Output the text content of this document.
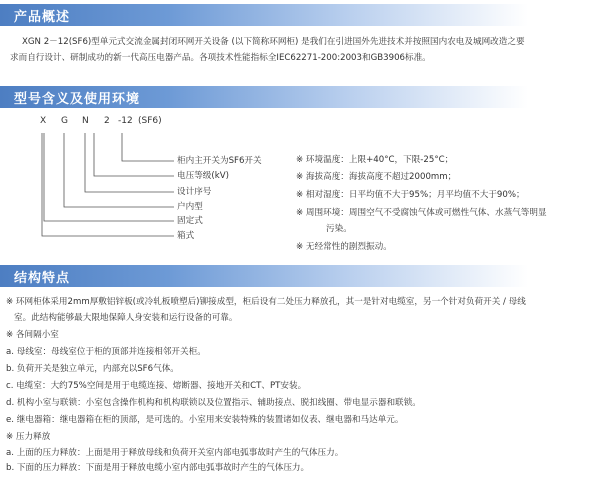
产品概述
XGN 2－12(SF6)型单元式交流金属封闭环网开关设备 (以下简称环网柜) 是我们在引进国外先进技术并按照国内农电及城网改造之要
求而自行设计、研制成功的新一代高压电器产品。各项技术性能指标全IEC62271-200:2003和GB3906标准。
型号含义及使用环境
X G N 2 -12 (SF6)
柜内主开关为SF6开关
电压等级(kV)
设计序号
户内型
固定式
箱式
※ 环境温度：上限+40°C，下限-25°C；
※ 海拔高度：海拔高度不超过2000mm；
※ 相对湿度：日平均值不大于95%；月平均值不大于90%；
※ 周围环境：周围空气不受腐蚀气体或可燃性气体、水蒸气等明显
污染。
※ 无经常性的剧烈振动。
结构特点
※ 环网柜体采用2mm厚敷铝锌板(或冷轧板喷塑后)铆接成型，柜后设有二处压力释放孔，其一是针对电缆室，另一个针对负荷开关 / 母线
室。此结构能够最大限地保障人身安装和运行设备的可靠。
※ 各间隔小室
a. 母线室：母线室位于柜的顶部并连接相邻开关柜。
b. 负荷开关是独立单元，内部充以SF6气体。
c. 电缆室：大约75%空间是用于电缆连接、熔断器、接地开关和CT、PT安装。
d. 机构小室与联锁：小室包含操作机构和机构联锁以及位置指示、辅助接点、脱扣线圈、带电显示器和联锁。
e. 继电器箱：继电器箱在柜的顶部，是可选的。小室用来安装特殊的装置诸如仪表、继电器和马达单元。
※ 压力释放
a. 上面的压力释放：上面是用于释放母线和负荷开关室内部电弧事故时产生的气体压力。
b. 下面的压力释放：下面是用于释放电缆小室内部电弧事故时产生的气体压力。
